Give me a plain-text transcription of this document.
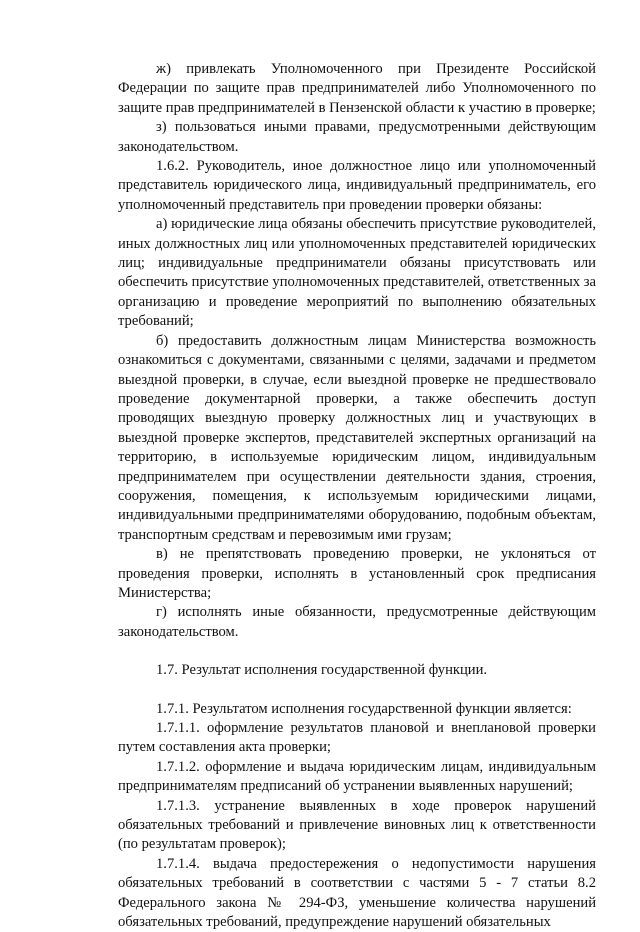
ж) привлекать Уполномоченного при Президенте Российской Федерации по защите прав предпринимателей либо Уполномоченного по защите прав предпринимателей в Пензенской области к участию в проверке;

з) пользоваться иными правами, предусмотренными действующим законодательством.

1.6.2. Руководитель, иное должностное лицо или уполномоченный представитель юридического лица, индивидуальный предприниматель, его уполномоченный представитель при проведении проверки обязаны:

а) юридические лица обязаны обеспечить присутствие руководителей, иных должностных лиц или уполномоченных представителей юридических лиц; индивидуальные предприниматели обязаны присутствовать или обеспечить присутствие уполномоченных представителей, ответственных за организацию и проведение мероприятий по выполнению обязательных требований;

б) предоставить должностным лицам Министерства возможность ознакомиться с документами, связанными с целями, задачами и предметом выездной проверки, в случае, если выездной проверке не предшествовало проведение документарной проверки, а также обеспечить доступ проводящих выездную проверку должностных лиц и участвующих в выездной проверке экспертов, представителей экспертных организаций на территорию, в используемые юридическим лицом, индивидуальным предпринимателем при осуществлении деятельности здания, строения, сооружения, помещения, к используемым юридическими лицами, индивидуальными предпринимателями оборудованию, подобным объектам, транспортным средствам и перевозимым ими грузам;

в) не препятствовать проведению проверки, не уклоняться от проведения проверки, исполнять в установленный срок предписания Министерства;

г) исполнять иные обязанности, предусмотренные действующим законодательством.

1.7. Результат исполнения государственной функции.

1.7.1. Результатом исполнения государственной функции является:

1.7.1.1. оформление результатов плановой и внеплановой проверки путем составления акта проверки;

1.7.1.2. оформление и выдача юридическим лицам, индивидуальным предпринимателям предписаний об устранении выявленных нарушений;

1.7.1.3. устранение выявленных в ходе проверок нарушений обязательных требований и привлечение виновных лиц к ответственности (по результатам проверок);

1.7.1.4. выдача предостережения о недопустимости нарушения обязательных требований в соответствии с частями 5 - 7 статьи 8.2 Федерального закона № 294-ФЗ, уменьшение количества нарушений обязательных требований, предупреждение нарушений обязательных
